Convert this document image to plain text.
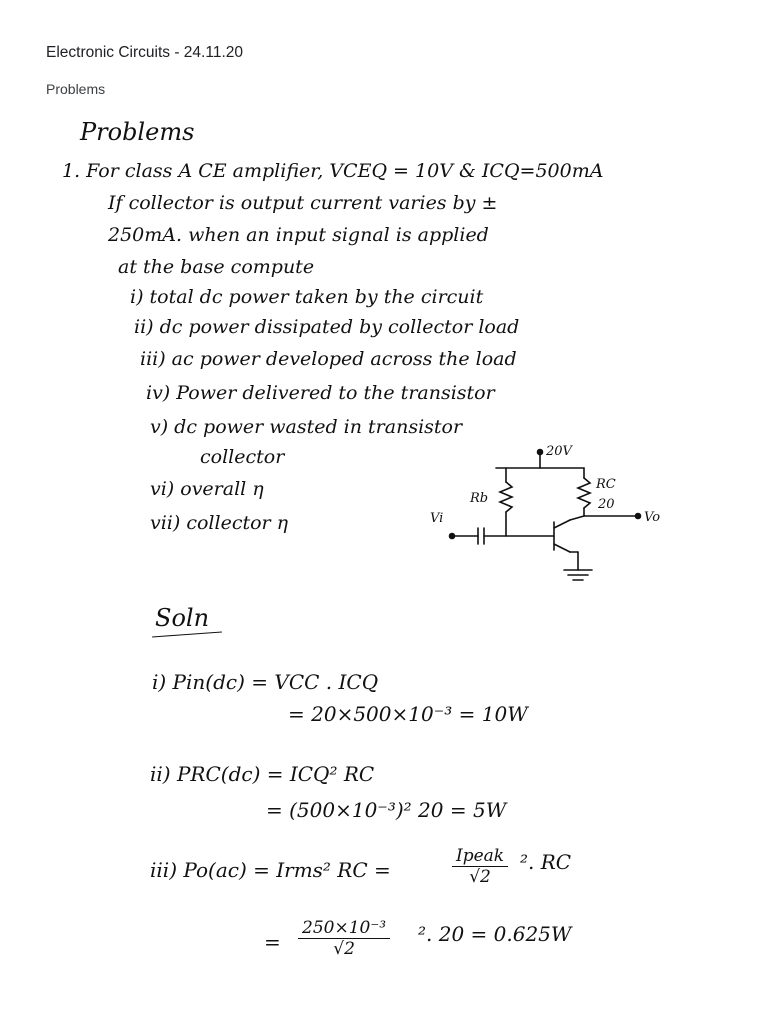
Electronic Circuits - 24.11.20
Problems
Problems
1. For class A CE amplifier, VCEQ = 10V & ICQ=500mA
If collector is output current varies by ±
250mA. when an input signal is applied
at the base compute
i) total dc power taken by the circuit
ii) dc power dissipated by collector load
iii) ac power developed across the load
iv) Power delivered to the transistor
v) dc power wasted in transistor
collector
vi) overall η
vii) collector η
20V
Rb
RC
20
Vi	Vo
Soln
i) Pin(dc) = VCC . ICQ
= 20×500×10⁻³ = 10W
ii) PRC(dc) = ICQ² RC
= (500×10⁻³)² 20 = 5W
iii) Po(ac) = Irms² RC =
Ipeak
√2
². RC
= $\frac{\text{250×10⁻³}}{√2} ^2$. 20 = 0.625W
